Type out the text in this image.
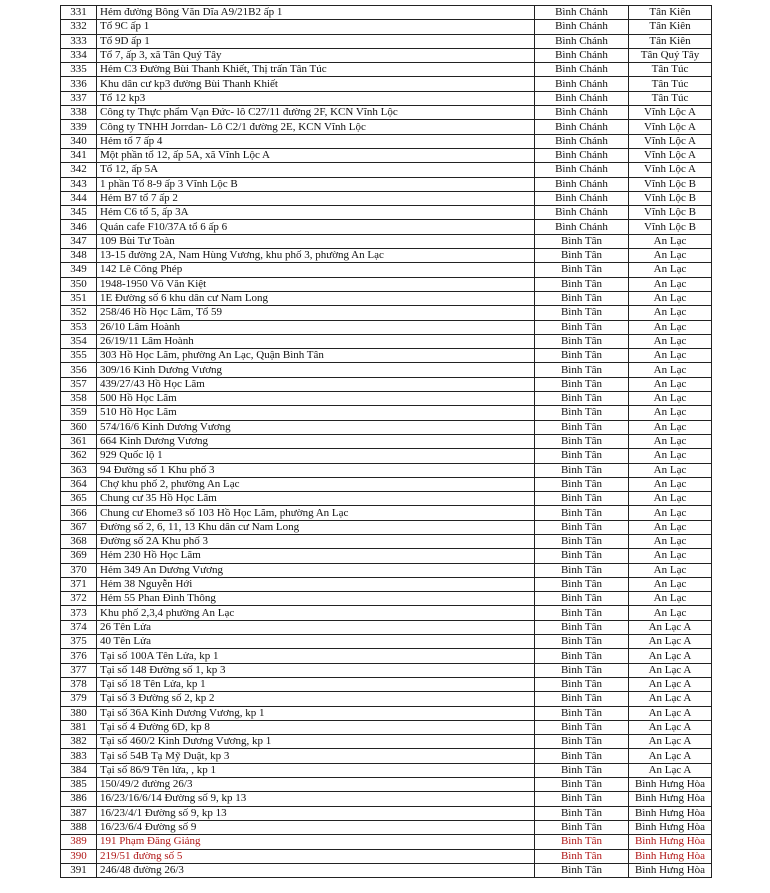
331	Hẻm đường Bông Văn Dĩa A9/21B2 ấp 1	Bình Chánh	Tân Kiên
332	Tổ 9C ấp 1	Bình Chánh	Tân Kiên
333	Tổ 9D ấp 1	Bình Chánh	Tân Kiên
334	Tổ 7, ấp 3, xã Tân Quý Tây	Bình Chánh	Tân Quý Tây
335	Hẻm C3 Đường Bùi Thanh Khiết, Thị trấn Tân Túc	Bình Chánh	Tân Túc
336	Khu dân cư kp3 đường Bùi Thanh Khiết	Bình Chánh	Tân Túc
337	Tổ 12 kp3	Bình Chánh	Tân Túc
338	Công ty Thực phẩm Vạn Đức- lô C27/11 đường 2F, KCN Vĩnh Lộc	Bình Chánh	Vĩnh Lộc A
339	Công ty TNHH Jorrdan- Lô C2/1 đường 2E, KCN Vĩnh Lộc	Bình Chánh	Vĩnh Lộc A
340	Hẻm tổ 7 ấp 4	Bình Chánh	Vĩnh Lộc A
341	Một phần tổ 12, ấp 5A, xã Vĩnh Lộc A	Bình Chánh	Vĩnh Lộc A
342	Tổ 12, ấp 5A	Bình Chánh	Vĩnh Lộc A
343	1 phần Tổ 8-9 ấp 3 Vĩnh Lộc B	Bình Chánh	Vĩnh Lộc B
344	Hẻm B7 tổ 7 ấp 2	Bình Chánh	Vĩnh Lộc B
345	Hẻm C6 tổ 5, ấp 3A	Bình Chánh	Vĩnh Lộc B
346	Quán cafe F10/37A tổ 6 ấp 6	Bình Chánh	Vĩnh Lộc B
347	109 Bùi Tư Toàn	Bình Tân	An Lạc
348	13-15 đường 2A, Nam Hùng Vương, khu phố 3, phường An Lạc	Bình Tân	An Lạc
349	142 Lê Công Phép	Bình Tân	An Lạc
350	1948-1950 Võ Văn Kiệt	Bình Tân	An Lạc
351	1E Đường số 6 khu dân cư Nam Long	Bình Tân	An Lạc
352	258/46 Hồ Học Lãm, Tổ 59	Bình Tân	An Lạc
353	26/10 Lâm Hoành	Bình Tân	An Lạc
354	26/19/11 Lâm Hoành	Bình Tân	An Lạc
355	303 Hồ Học Lãm, phường An Lạc, Quận Bình Tân	Bình Tân	An Lạc
356	309/16 Kinh Dương Vương	Bình Tân	An Lạc
357	439/27/43 Hồ Học Lãm	Bình Tân	An Lạc
358	500 Hồ Học Lãm	Bình Tân	An Lạc
359	510 Hồ Học Lãm	Bình Tân	An Lạc
360	574/16/6 Kinh Dương Vương	Bình Tân	An Lạc
361	664 Kinh Dương Vương	Bình Tân	An Lạc
362	929 Quốc lộ 1	Bình Tân	An Lạc
363	94 Đường số 1 Khu phố 3	Bình Tân	An Lạc
364	Chợ khu phố 2, phường An Lạc	Bình Tân	An Lạc
365	Chung cư 35 Hồ Học Lãm	Bình Tân	An Lạc
366	Chung cư Ehome3 số 103 Hồ Học Lãm, phường An Lạc	Bình Tân	An Lạc
367	Đường số 2, 6, 11, 13 Khu dân cư Nam Long	Bình Tân	An Lạc
368	Đường số 2A Khu phố 3	Bình Tân	An Lạc
369	Hẻm 230 Hồ Học Lãm	Bình Tân	An Lạc
370	Hẻm 349 An Dương Vương	Bình Tân	An Lạc
371	Hẻm 38 Nguyễn Hới	Bình Tân	An Lạc
372	Hẻm 55 Phan Đình Thông	Bình Tân	An Lạc
373	Khu phố 2,3,4 phường An Lạc	Bình Tân	An Lạc
374	26 Tên Lửa	Bình Tân	An Lạc A
375	40 Tên Lửa	Bình Tân	An Lạc A
376	Tại số 100A Tên Lửa, kp 1	Bình Tân	An Lạc A
377	Tại số 148 Đường số 1, kp 3	Bình Tân	An Lạc A
378	Tại số 18 Tên Lửa, kp 1	Bình Tân	An Lạc A
379	Tại số 3 Đường số 2, kp 2	Bình Tân	An Lạc A
380	Tại số 36A Kinh Dương Vương, kp 1	Bình Tân	An Lạc A
381	Tại số 4 Đường 6D, kp 8	Bình Tân	An Lạc A
382	Tại số 460/2 Kinh Dương Vương, kp 1	Bình Tân	An Lạc A
383	Tại số 54B Tạ Mỹ Duật, kp 3	Bình Tân	An Lạc A
384	Tại số 86/9 Tên lửa, , kp 1	Bình Tân	An Lạc A
385	150/49/2 đường 26/3	Bình Tân	Bình Hưng Hòa
386	16/23/16/6/14 Đường số 9, kp 13	Bình Tân	Bình Hưng Hòa
387	16/23/4/1 Đường số 9, kp 13	Bình Tân	Bình Hưng Hòa
388	16/23/6/4 Đường số 9	Bình Tân	Bình Hưng Hòa
389	191 Phạm Đăng Giảng	Bình Tân	Bình Hưng Hòa
390	219/51 đường số 5	Bình Tân	Bình Hưng Hòa
391	246/48 đường 26/3	Bình Tân	Bình Hưng Hòa
